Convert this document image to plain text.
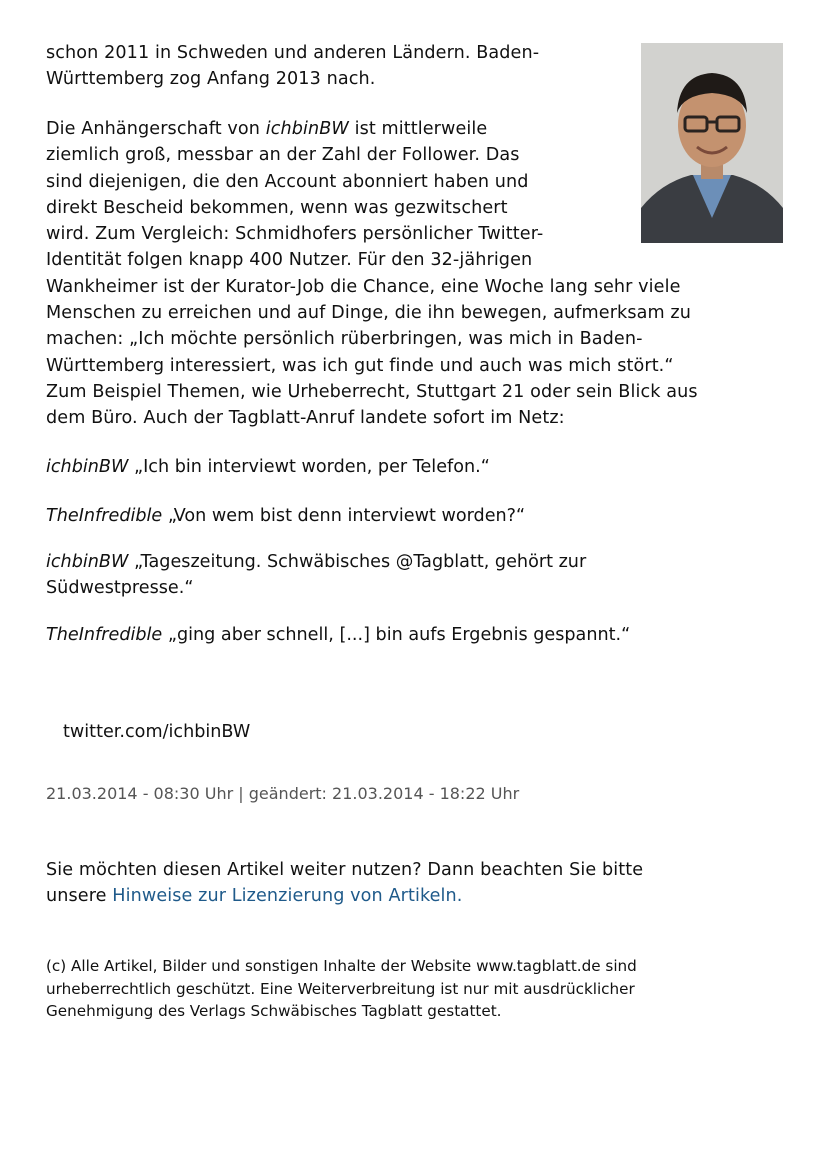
schon 2011 in Schweden und anderen Ländern. Baden-
Württemberg zog Anfang 2013 nach.

Die Anhängerschaft von ichbinBW ist mittlerweile
ziemlich groß, messbar an der Zahl der Follower. Das
sind diejenigen, die den Account abonniert haben und
direkt Bescheid bekommen, wenn was gezwitschert
wird. Zum Vergleich: Schmidhofers persönlicher Twitter-
Identität folgen knapp 400 Nutzer. Für den 32-jährigen
Wankheimer ist der Kurator-Job die Chance, eine Woche lang sehr viele
Menschen zu erreichen und auf Dinge, die ihn bewegen, aufmerksam zu
machen: „Ich möchte persönlich rüberbringen, was mich in Baden-
Württemberg interessiert, was ich gut finde und auch was mich stört.“
Zum Beispiel Themen, wie Urheberrecht, Stuttgart 21 oder sein Blick aus
dem Büro. Auch der Tagblatt-Anruf landete sofort im Netz:

ichbinBW „Ich bin interviewt worden, per Telefon.“
TheInfredible „Von wem bist denn interviewt worden?“
ichbinBW „Tageszeitung. Schwäbisches @Tagblatt, gehört zur
Südwestpresse.“
TheInfredible „ging aber schnell, [...] bin aufs Ergebnis gespannt.“
twitter.com/ichbinBW
21.03.2014 - 08:30 Uhr | geändert: 21.03.2014 - 18:22 Uhr
Sie möchten diesen Artikel weiter nutzen? Dann beachten Sie bitte
unsere Hinweise zur Lizenzierung von Artikeln.
(c) Alle Artikel, Bilder und sonstigen Inhalte der Website www.tagblatt.de sind
urheberrechtlich geschützt. Eine Weiterverbreitung ist nur mit ausdrücklicher
Genehmigung des Verlags Schwäbisches Tagblatt gestattet.
